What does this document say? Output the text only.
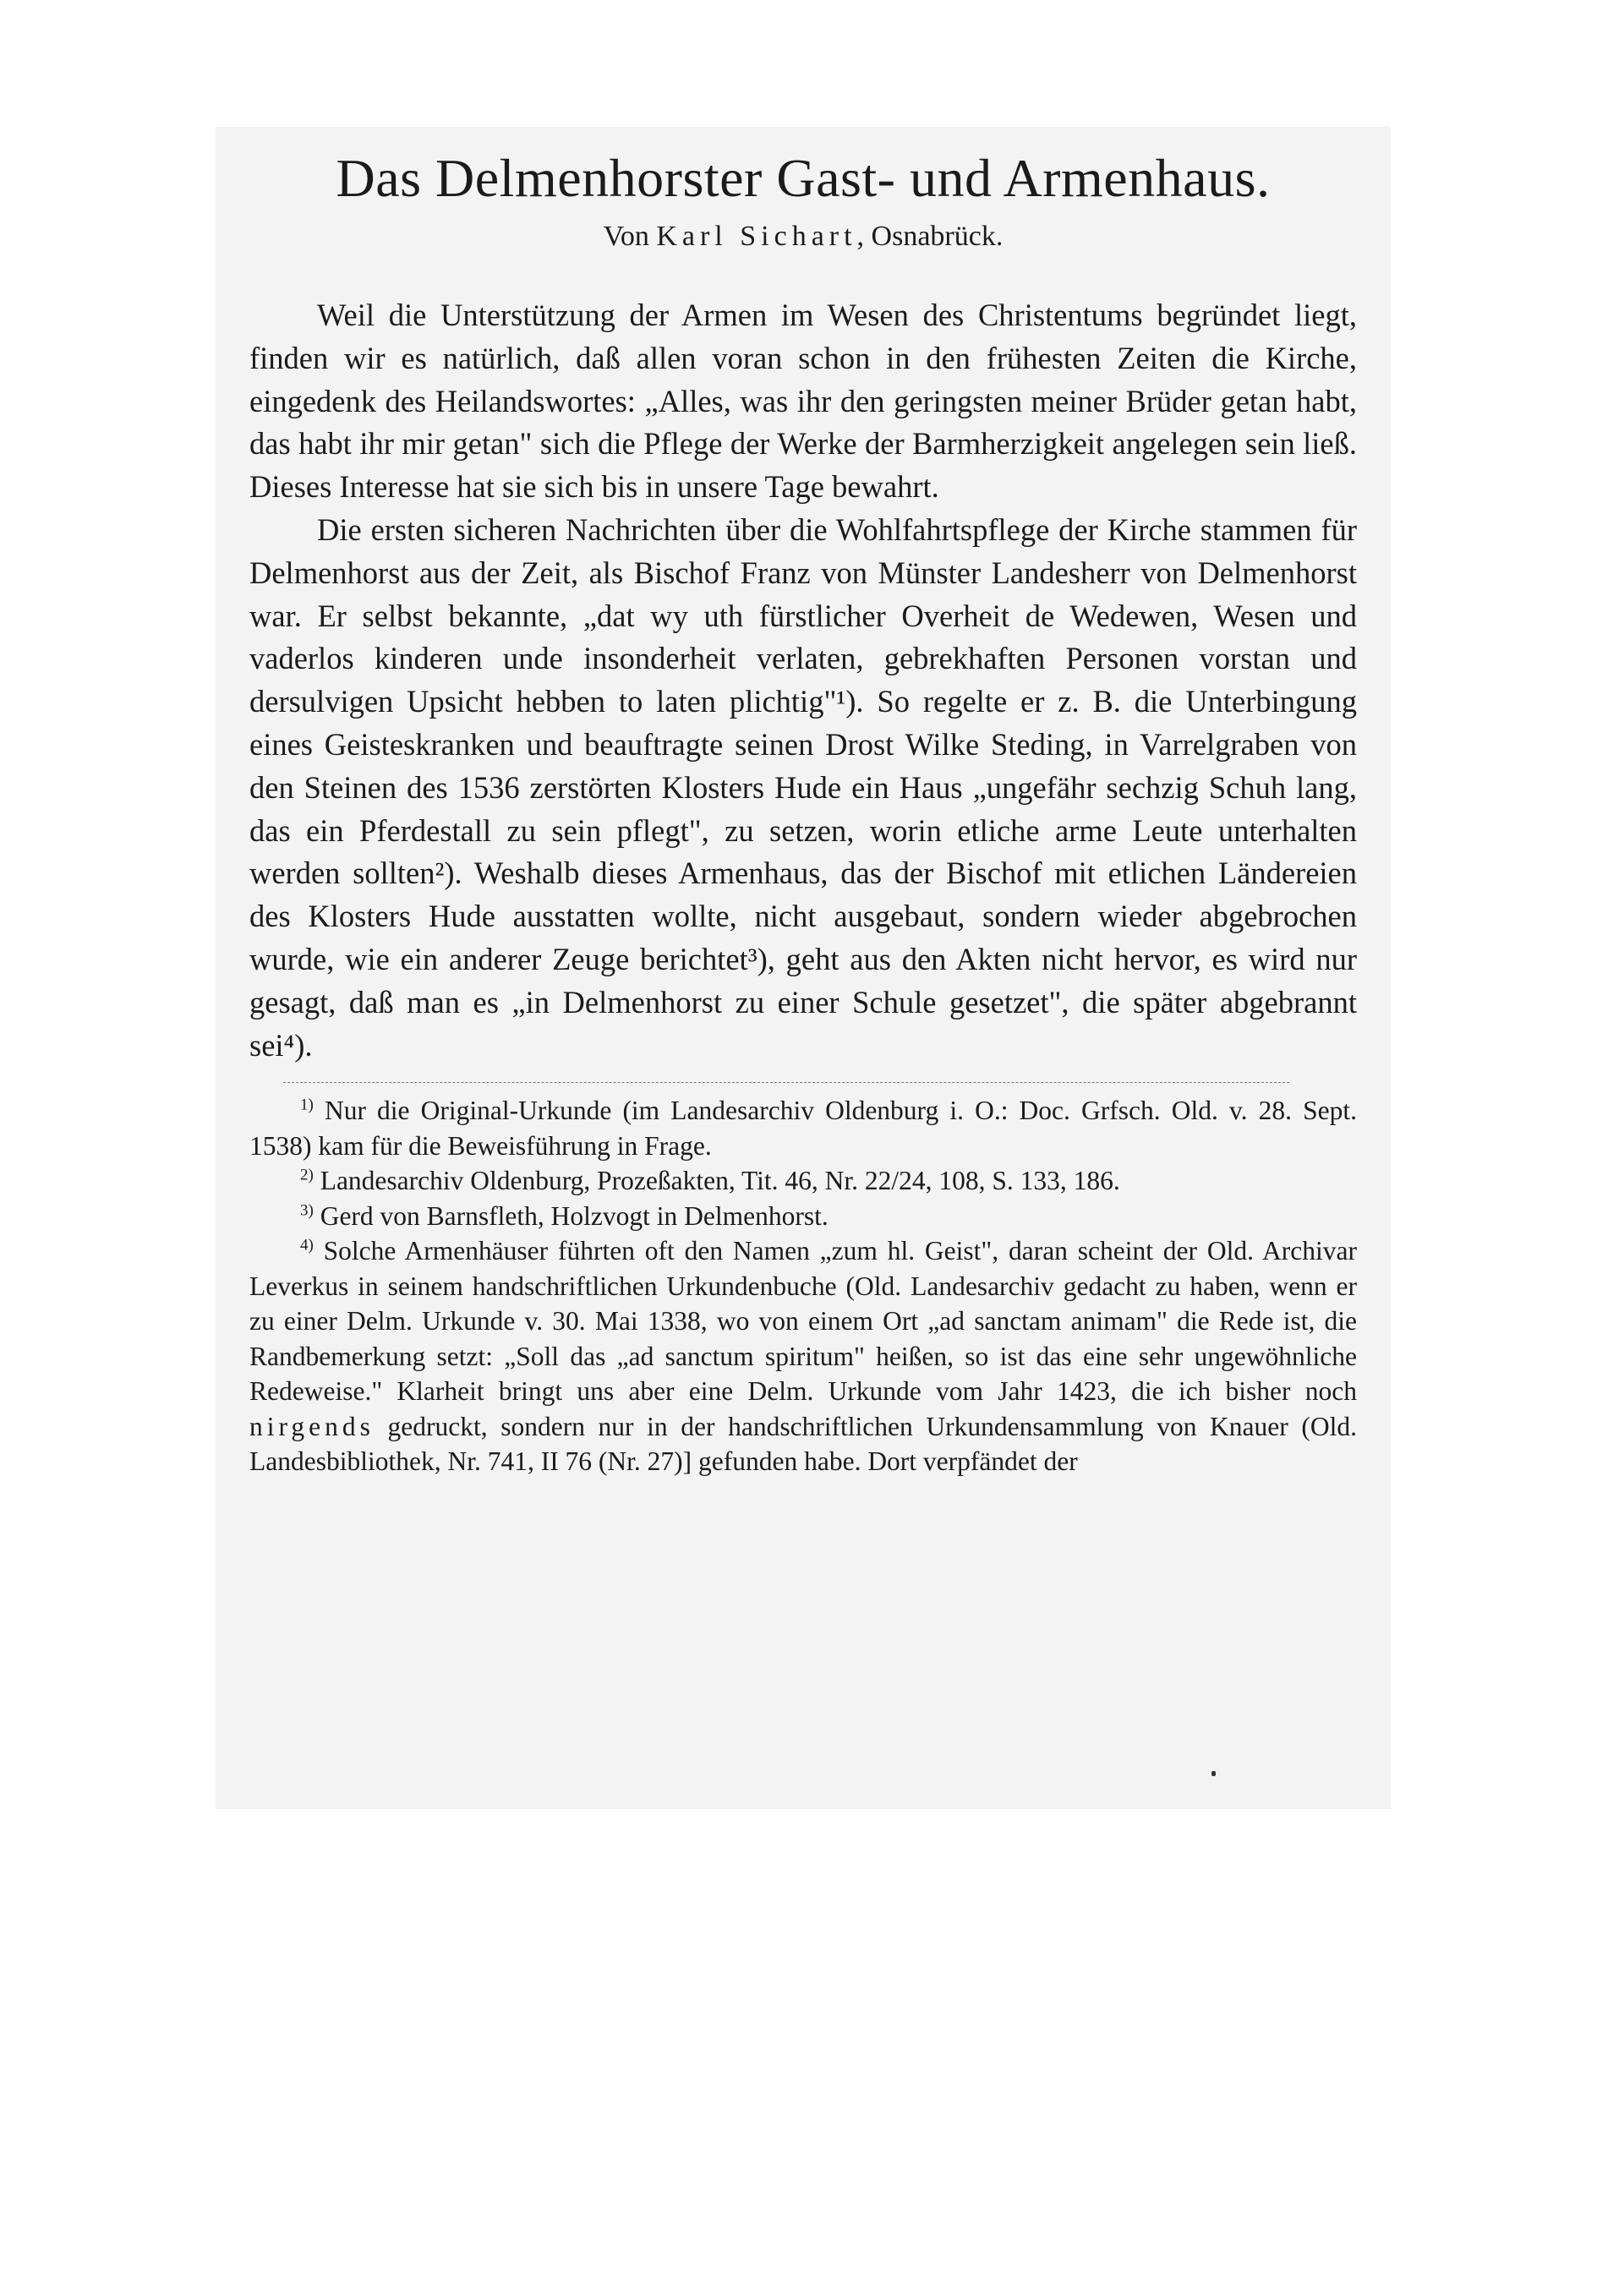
Das Delmenhorster Gast- und Armenhaus.
Von Karl Sichart, Osnabrück.

Weil die Unterstützung der Armen im Wesen des Christentums begründet liegt, finden wir es natürlich, daß allen voran schon in den frühesten Zeiten die Kirche, eingedenk des Heilandswortes: „Alles, was ihr den geringsten meiner Brüder getan habt, das habt ihr mir getan" sich die Pflege der Werke der Barmherzigkeit angelegen sein ließ. Dieses Interesse hat sie sich bis in unsere Tage bewahrt.

Die ersten sicheren Nachrichten über die Wohlfahrtspflege der Kirche stammen für Delmenhorst aus der Zeit, als Bischof Franz von Münster Landesherr von Delmenhorst war. Er selbst bekannte, „dat wy uth fürstlicher Overheit de Wedewen, Wesen und vaderlos kinderen unde insonderheit verlaten, gebrekhaften Personen vorstan und dersulvigen Upsicht hebben to laten plichtig"¹). So regelte er z. B. die Unterbingung eines Geisteskranken und beauftragte seinen Drost Wilke Steding, in Varrelgraben von den Steinen des 1536 zerstörten Klosters Hude ein Haus „ungefähr sechzig Schuh lang, das ein Pferdestall zu sein pflegt", zu setzen, worin etliche arme Leute unterhalten werden sollten²). Weshalb dieses Armenhaus, das der Bischof mit etlichen Ländereien des Klosters Hude ausstatten wollte, nicht ausgebaut, sondern wieder abgebrochen wurde, wie ein anderer Zeuge berichtet³), geht aus den Akten nicht hervor, es wird nur gesagt, daß man es „in Delmenhorst zu einer Schule gesetzet", die später abgebrannt sei⁴).

$^{1)}$ Nur die Original-Urkunde (im Landesarchiv Oldenburg i. O.: Doc. Grfsch. Old. v. 28. Sept. 1538) kam für die Beweisführung in Frage.

$^{2)}$ Landesarchiv Oldenburg, Prozeßakten, Tit. 46, Nr. 22/24, 108, S. 133, 186.

$^{3)}$ Gerd von Barnsfleth, Holzvogt in Delmenhorst.

$^{4)}$ Solche Armenhäuser führten oft den Namen „zum hl. Geist", daran scheint der Old. Archivar Leverkus in seinem handschriftlichen Urkundenbuche (Old. Landesarchiv gedacht zu haben, wenn er zu einer Delm. Urkunde v. 30. Mai 1338, wo von einem Ort „ad sanctam animam" die Rede ist, die Randbemerkung setzt: „Soll das „ad sanctum spiritum" heißen, so ist das eine sehr ungewöhnliche Redeweise." Klarheit bringt uns aber eine Delm. Urkunde vom Jahr 1423, die ich bisher noch nirgends gedruckt, sondern nur in der handschriftlichen Urkundensammlung von Knauer (Old. Landesbibliothek, Nr. 741, II 76 (Nr. 27)] gefunden habe. Dort verpfändet der
